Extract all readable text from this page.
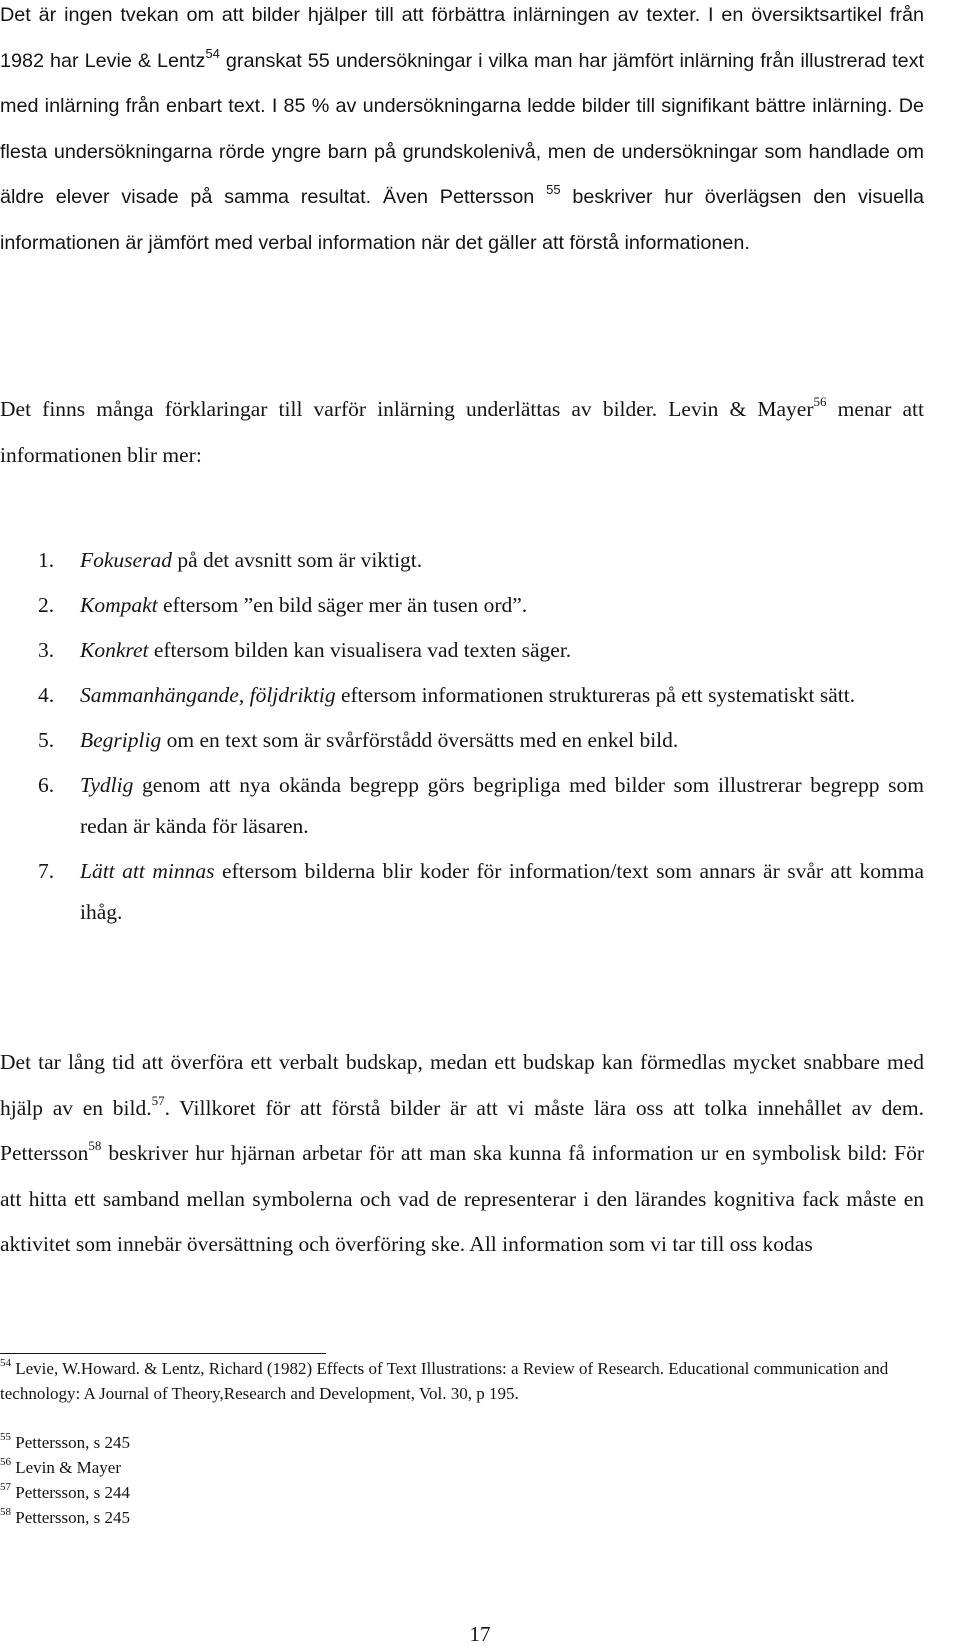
Det är ingen tvekan om att bilder hjälper till att förbättra inlärningen av texter. I en översiktsartikel från 1982 har Levie & Lentz$^{54}$ granskat 55 undersökningar i vilka man har jämfört inlärning från illustrerad text med inlärning från enbart text. I 85 % av undersökningarna ledde bilder till signifikant bättre inlärning. De flesta undersökningarna rörde yngre barn på grundskolenivå, men de undersökningar som handlade om äldre elever visade på samma resultat. Även Pettersson $^{55}$ beskriver hur överlägsen den visuella informationen är jämfört med verbal information när det gäller att förstå informationen.

Det finns många förklaringar till varför inlärning underlättas av bilder. Levin & Mayer$^{56}$ menar att informationen blir mer:

1. Fokuserad på det avsnitt som är viktigt.
2. Kompakt eftersom ”en bild säger mer än tusen ord”.
3. Konkret eftersom bilden kan visualisera vad texten säger.
4. Sammanhängande, följdriktig eftersom informationen struktureras på ett systematiskt sätt.
5. Begriplig om en text som är svårförstådd översätts med en enkel bild.
6. Tydlig genom att nya okända begrepp görs begripliga med bilder som illustrerar begrepp som redan är kända för läsaren.
7. Lätt att minnas eftersom bilderna blir koder för information/text som annars är svår att komma ihåg.

Det tar lång tid att överföra ett verbalt budskap, medan ett budskap kan förmedlas mycket snabbare med hjälp av en bild.$^{57}$. Villkoret för att förstå bilder är att vi måste lära oss att tolka innehållet av dem. Pettersson$^{58}$ beskriver hur hjärnan arbetar för att man ska kunna få information ur en symbolisk bild: För att hitta ett samband mellan symbolerna och vad de representerar i den lärandes kognitiva fack måste en aktivitet som innebär översättning och överföring ske. All information som vi tar till oss kodas

$^{54}$ Levie, W.Howard. & Lentz, Richard (1982) Effects of Text Illustrations: a Review of Research. Educational communication and technology: A Journal of Theory,Research and Development, Vol. 30, p 195.

$^{55}$ Pettersson, s 245

$^{56}$ Levin & Mayer

$^{57}$ Pettersson, s 244

$^{58}$ Pettersson, s 245

17
